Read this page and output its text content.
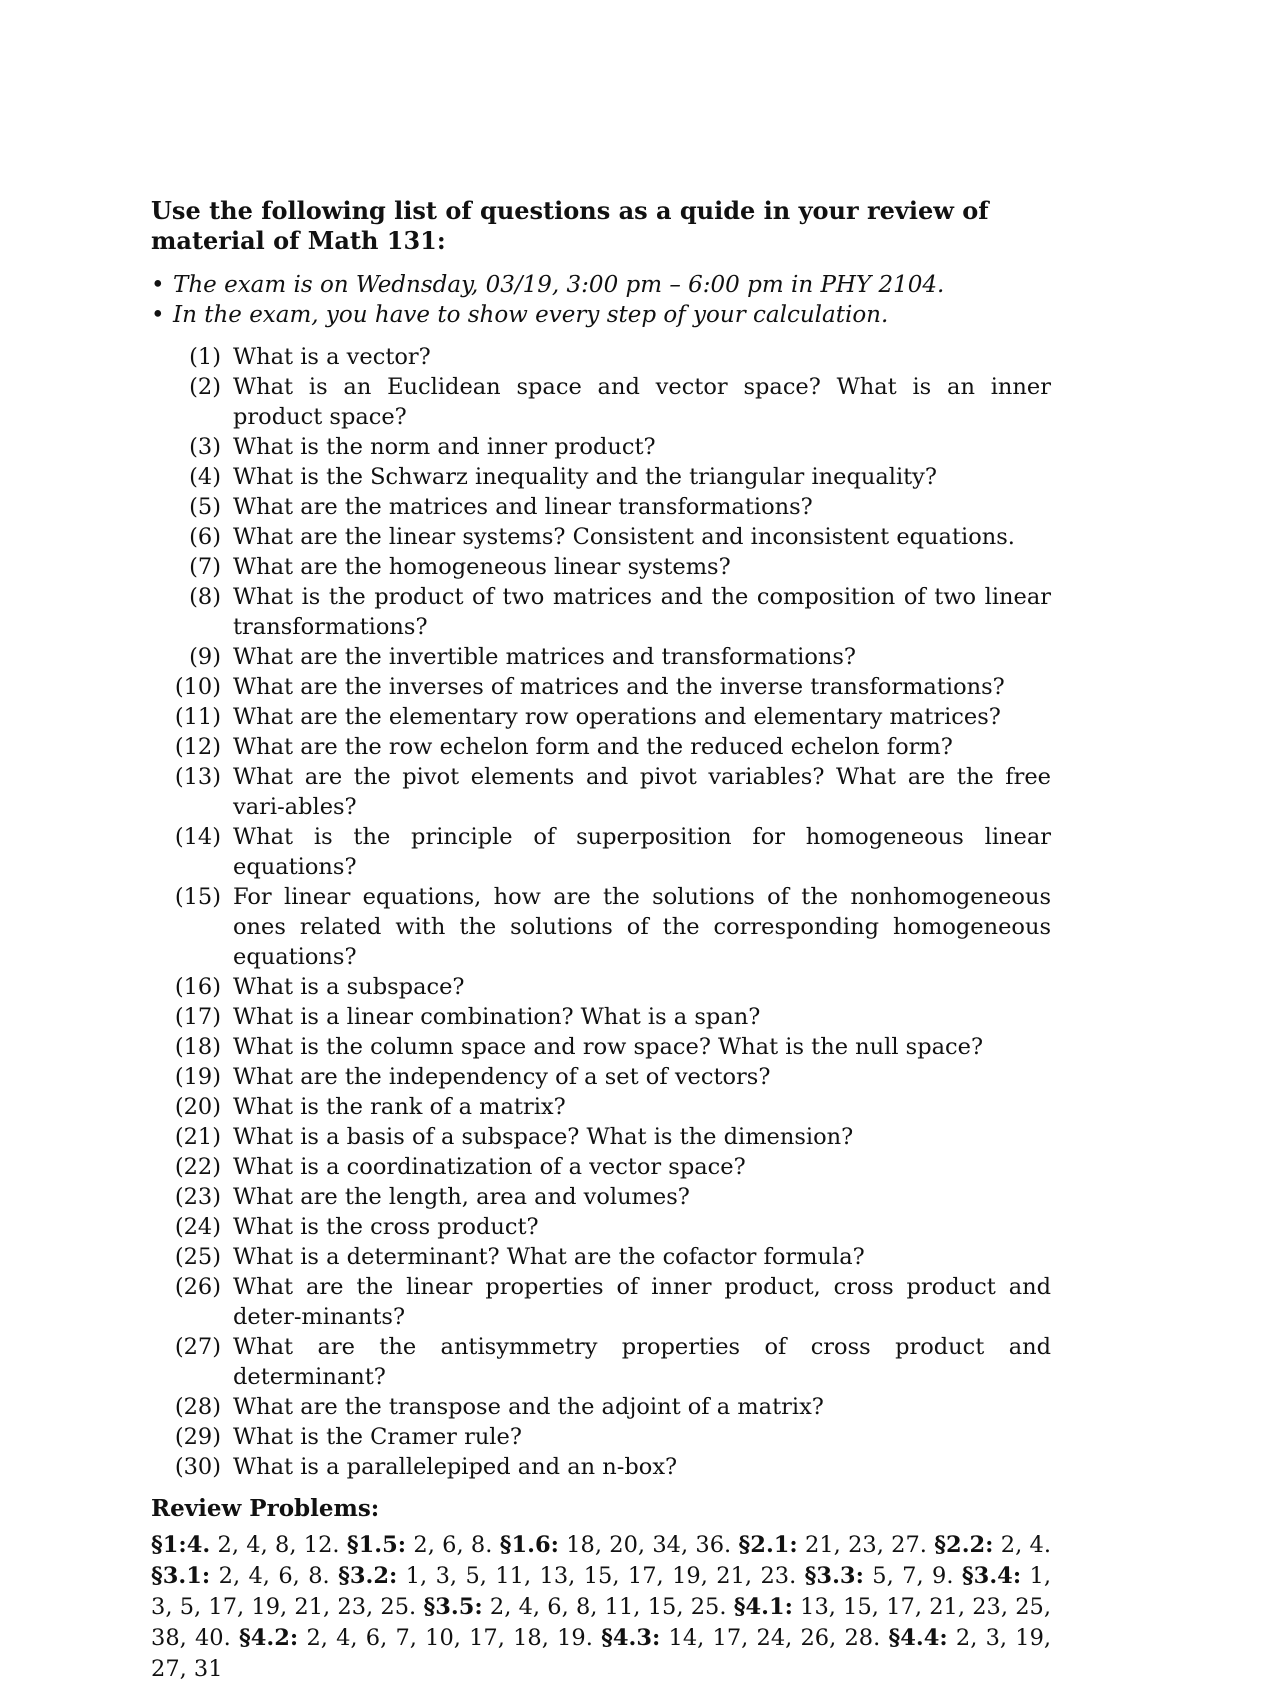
Use the following list of questions as a quide in your review of material of Math 131:

• The exam is on Wednsday, 03/19, 3:00 pm – 6:00 pm in PHY 2104.
• In the exam, you have to show every step of your calculation.
(1) What is a vector?
(2) What is an Euclidean space and vector space? What is an inner product space?
(3) What is the norm and inner product?
(4) What is the Schwarz inequality and the triangular inequality?
(5) What are the matrices and linear transformations?
(6) What are the linear systems? Consistent and inconsistent equations.
(7) What are the homogeneous linear systems?
(8) What is the product of two matrices and the composition of two linear transformations?
(9) What are the invertible matrices and transformations?
(10) What are the inverses of matrices and the inverse transformations?
(11) What are the elementary row operations and elementary matrices?
(12) What are the row echelon form and the reduced echelon form?
(13) What are the pivot elements and pivot variables? What are the free vari-ables?
(14) What is the principle of superposition for homogeneous linear equations?
(15) For linear equations, how are the solutions of the nonhomogeneous ones related with the solutions of the corresponding homogeneous equations?
(16) What is a subspace?
(17) What is a linear combination? What is a span?
(18) What is the column space and row space? What is the null space?
(19) What are the independency of a set of vectors?
(20) What is the rank of a matrix?
(21) What is a basis of a subspace? What is the dimension?
(22) What is a coordinatization of a vector space?
(23) What are the length, area and volumes?
(24) What is the cross product?
(25) What is a determinant? What are the cofactor formula?
(26) What are the linear properties of inner product, cross product and deter-minants?
(27) What are the antisymmetry properties of cross product and determinant?
(28) What are the transpose and the adjoint of a matrix?
(29) What is the Cramer rule?
(30) What is a parallelepiped and an n-box?
Review Problems:

§1:4. 2, 4, 8, 12. §1.5: 2, 6, 8. §1.6: 18, 20, 34, 36. §2.1: 21, 23, 27. §2.2: 2, 4. §3.1: 2, 4, 6, 8. §3.2: 1, 3, 5, 11, 13, 15, 17, 19, 21, 23. §3.3: 5, 7, 9. §3.4: 1, 3, 5, 17, 19, 21, 23, 25. §3.5: 2, 4, 6, 8, 11, 15, 25. §4.1: 13, 15, 17, 21, 23, 25, 38, 40. §4.2: 2, 4, 6, 7, 10, 17, 18, 19. §4.3: 14, 17, 24, 26, 28. §4.4: 2, 3, 19, 27, 31
